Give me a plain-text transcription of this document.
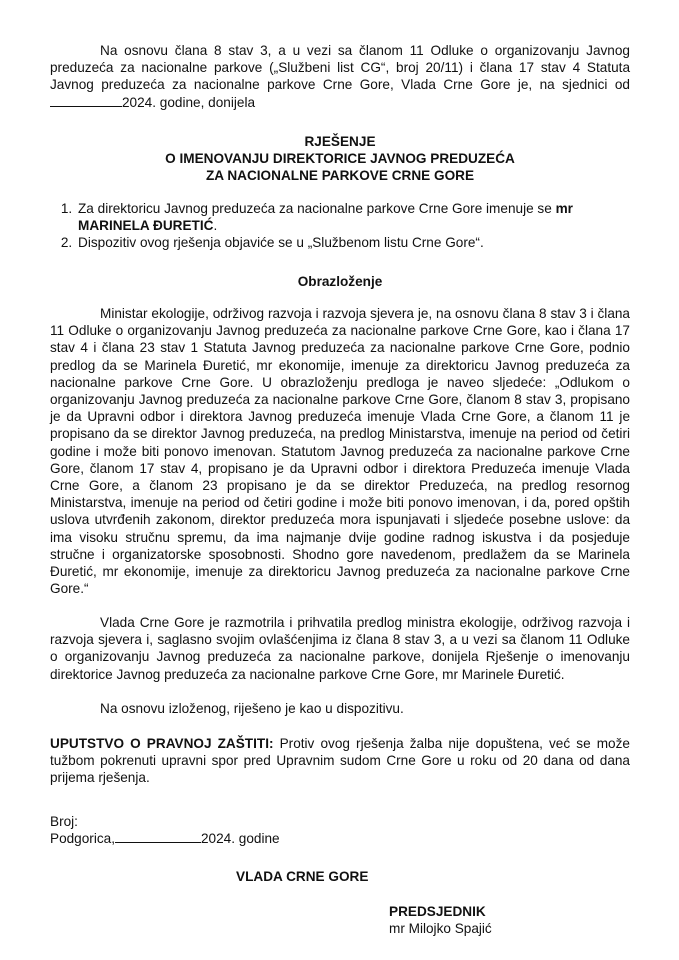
Na osnovu člana 8 stav 3, a u vezi sa članom 11 Odluke o organizovanju Javnog preduzeća za nacionalne parkove („Službeni list CG“, broj 20/11) i člana 17 stav 4 Statuta Javnog preduzeća za nacionalne parkove Crne Gore, Vlada Crne Gore je, na sjednici od 2024. godine, donijela

RJEŠENJE

O IMENOVANJU DIREKTORICE JAVNOG PREDUZEĆA

ZA NACIONALNE PARKOVE CRNE GORE

1. Za direktoricu Javnog preduzeća za nacionalne parkove Crne Gore imenuje se mr MARINELA ĐURETIĆ.
2. Dispozitiv ovog rješenja objaviće se u „Službenom listu Crne Gore“.

Obrazloženje

Ministar ekologije, održivog razvoja i razvoja sjevera je, na osnovu člana 8 stav 3 i člana 11 Odluke o organizovanju Javnog preduzeća za nacionalne parkove Crne Gore, kao i člana 17 stav 4 i člana 23 stav 1 Statuta Javnog preduzeća za nacionalne parkove Crne Gore, podnio predlog da se Marinela Đuretić, mr ekonomije, imenuje za direktoricu Javnog preduzeća za nacionalne parkove Crne Gore. U obrazloženju predloga je naveo sljedeće: „Odlukom o organizovanju Javnog preduzeća za nacionalne parkove Crne Gore, članom 8 stav 3, propisano je da Upravni odbor i direktora Javnog preduzeća imenuje Vlada Crne Gore, a članom 11 je propisano da se direktor Javnog preduzeća, na predlog Ministarstva, imenuje na period od četiri godine i može biti ponovo imenovan. Statutom Javnog preduzeća za nacionalne parkove Crne Gore, članom 17 stav 4, propisano je da Upravni odbor i direktora Preduzeća imenuje Vlada Crne Gore, a članom 23 propisano je da se direktor Preduzeća, na predlog resornog Ministarstva, imenuje na period od četiri godine i može biti ponovo imenovan, i da, pored opštih uslova utvrđenih zakonom, direktor preduzeća mora ispunjavati i sljedeće posebne uslove: da ima visoku stručnu spremu, da ima najmanje dvije godine radnog iskustva i da posjeduje stručne i organizatorske sposobnosti. Shodno gore navedenom, predlažem da se Marinela Đuretić, mr ekonomije, imenuje za direktoricu Javnog preduzeća za nacionalne parkove Crne Gore.“

Vlada Crne Gore je razmotrila i prihvatila predlog ministra ekologije, održivog razvoja i razvoja sjevera i, saglasno svojim ovlašćenjima iz člana 8 stav 3, a u vezi sa članom 11 Odluke o organizovanju Javnog preduzeća za nacionalne parkove, donijela Rješenje o imenovanju direktorice Javnog preduzeća za nacionalne parkove Crne Gore, mr Marinele Đuretić.

Na osnovu izloženog, riješeno je kao u dispozitivu.

UPUTSTVO O PRAVNOJ ZAŠTITI: Protiv ovog rješenja žalba nije dopuštena, već se može tužbom pokrenuti upravni spor pred Upravnim sudom Crne Gore u roku od 20 dana od dana prijema rješenja.

Broj:

Podgorica,	2024. godine

VLADA CRNE GORE

PREDSJEDNIK

mr Milojko Spajić
